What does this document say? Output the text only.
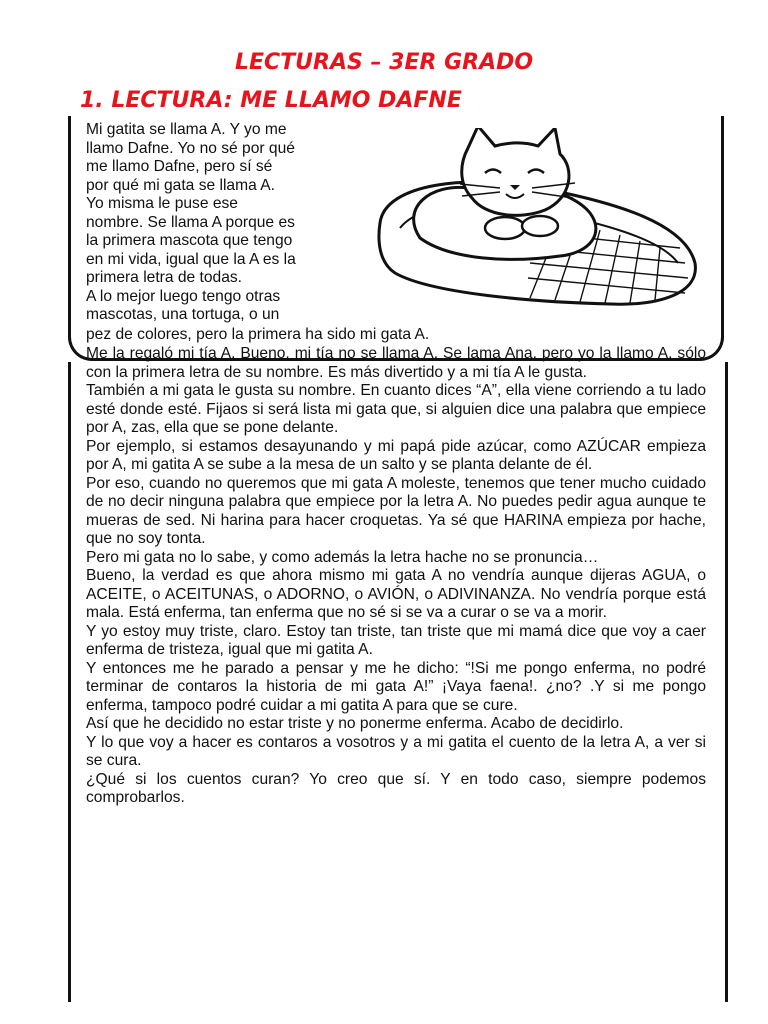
LECTURAS – 3ER GRADO
1. LECTURA: ME LLAMO DAFNE
Mi gatita se llama A. Y yo me
llamo Dafne. Yo no sé por qué
me llamo Dafne, pero sí sé
por qué mi gata se llama A.
Yo misma le puse ese
nombre. Se llama A porque es
la primera mascota que tengo
en mi vida, igual que la A es la
primera letra de todas.
A lo mejor luego tengo otras
mascotas, una tortuga, o un
pez de colores, pero la primera ha sido mi gata A.

Me la regaló mi tía A. Bueno, mi tía no se llama A. Se lama Ana, pero yo la llamo A, sólo con la primera letra de su nombre. Es más divertido y a mi tía A le gusta.

También a mi gata le gusta su nombre. En cuanto dices “A”, ella viene corriendo a tu lado esté donde esté. Fijaos si será lista mi gata que, si alguien dice una palabra que empiece por A, zas, ella que se pone delante.

Por ejemplo, si estamos desayunando y mi papá pide azúcar, como AZÚCAR empieza por A, mi gatita A se sube a la mesa de un salto y se planta delante de él.

Por eso, cuando no queremos que mi gata A moleste, tenemos que tener mucho cuidado de no decir ninguna palabra que empiece por la letra A. No puedes pedir agua aunque te mueras de sed. Ni harina para hacer croquetas. Ya sé que HARINA empieza por hache, que no soy tonta.

Pero mi gata no lo sabe, y como además la letra hache no se pronuncia…

Bueno, la verdad es que ahora mismo mi gata A no vendría aunque dijeras AGUA, o ACEITE, o ACEITUNAS, o ADORNO, o AVIÓN, o ADIVINANZA. No vendría porque está mala. Está enferma, tan enferma que no sé si se va a curar o se va a morir.

Y yo estoy muy triste, claro. Estoy tan triste, tan triste que mi mamá dice que voy a caer enferma de tristeza, igual que mi gatita A.

Y entonces me he parado a pensar y me he dicho: “!Si me pongo enferma, no podré terminar de contaros la historia de mi gata A!” ¡Vaya faena!. ¿no? .Y si me pongo enferma, tampoco podré cuidar a mi gatita A para que se cure.

Así que he decidido no estar triste y no ponerme enferma. Acabo de decidirlo.

Y lo que voy a hacer es contaros a vosotros y a mi gatita el cuento de la letra A, a ver si se cura.

¿Qué si los cuentos curan? Yo creo que sí. Y en todo caso, siempre podemos comprobarlos.
